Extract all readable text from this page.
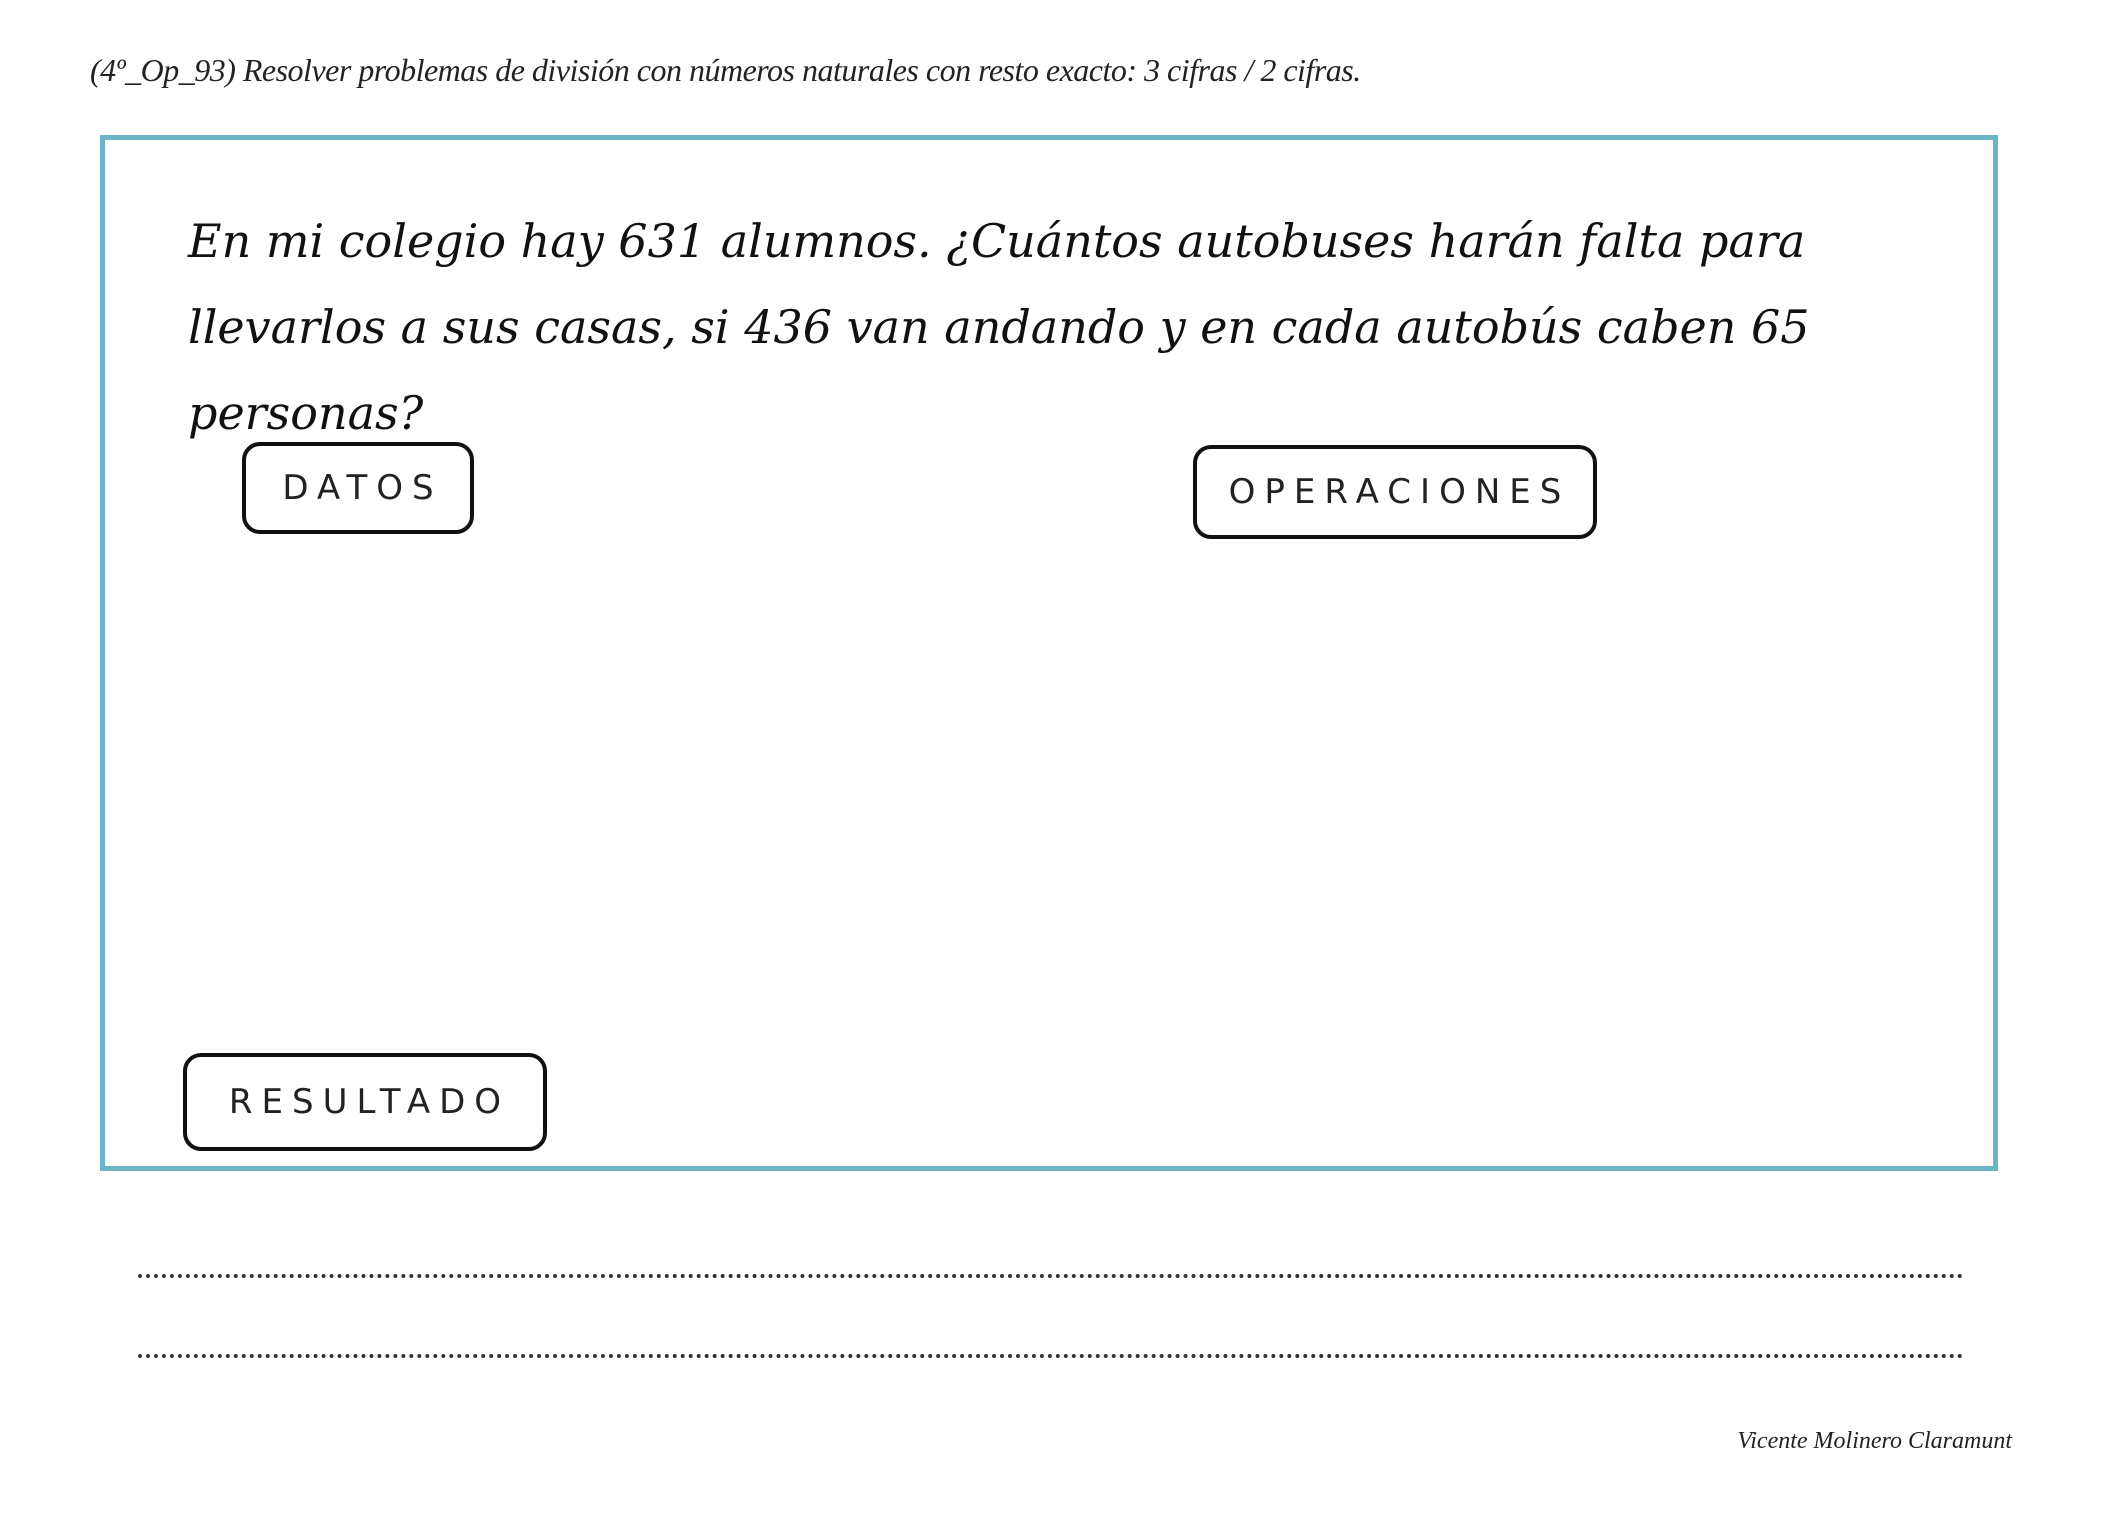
(4º_Op_93) Resolver problemas de división con números naturales con resto exacto: 3 cifras / 2 cifras.
En mi colegio hay 631 alumnos. ¿Cuántos autobuses harán falta para llevarlos a sus casas, si 436 van andando y en cada autobús caben 65 personas?
DATOS	OPERACIONES
RESULTADO
Vicente Molinero Claramunt
